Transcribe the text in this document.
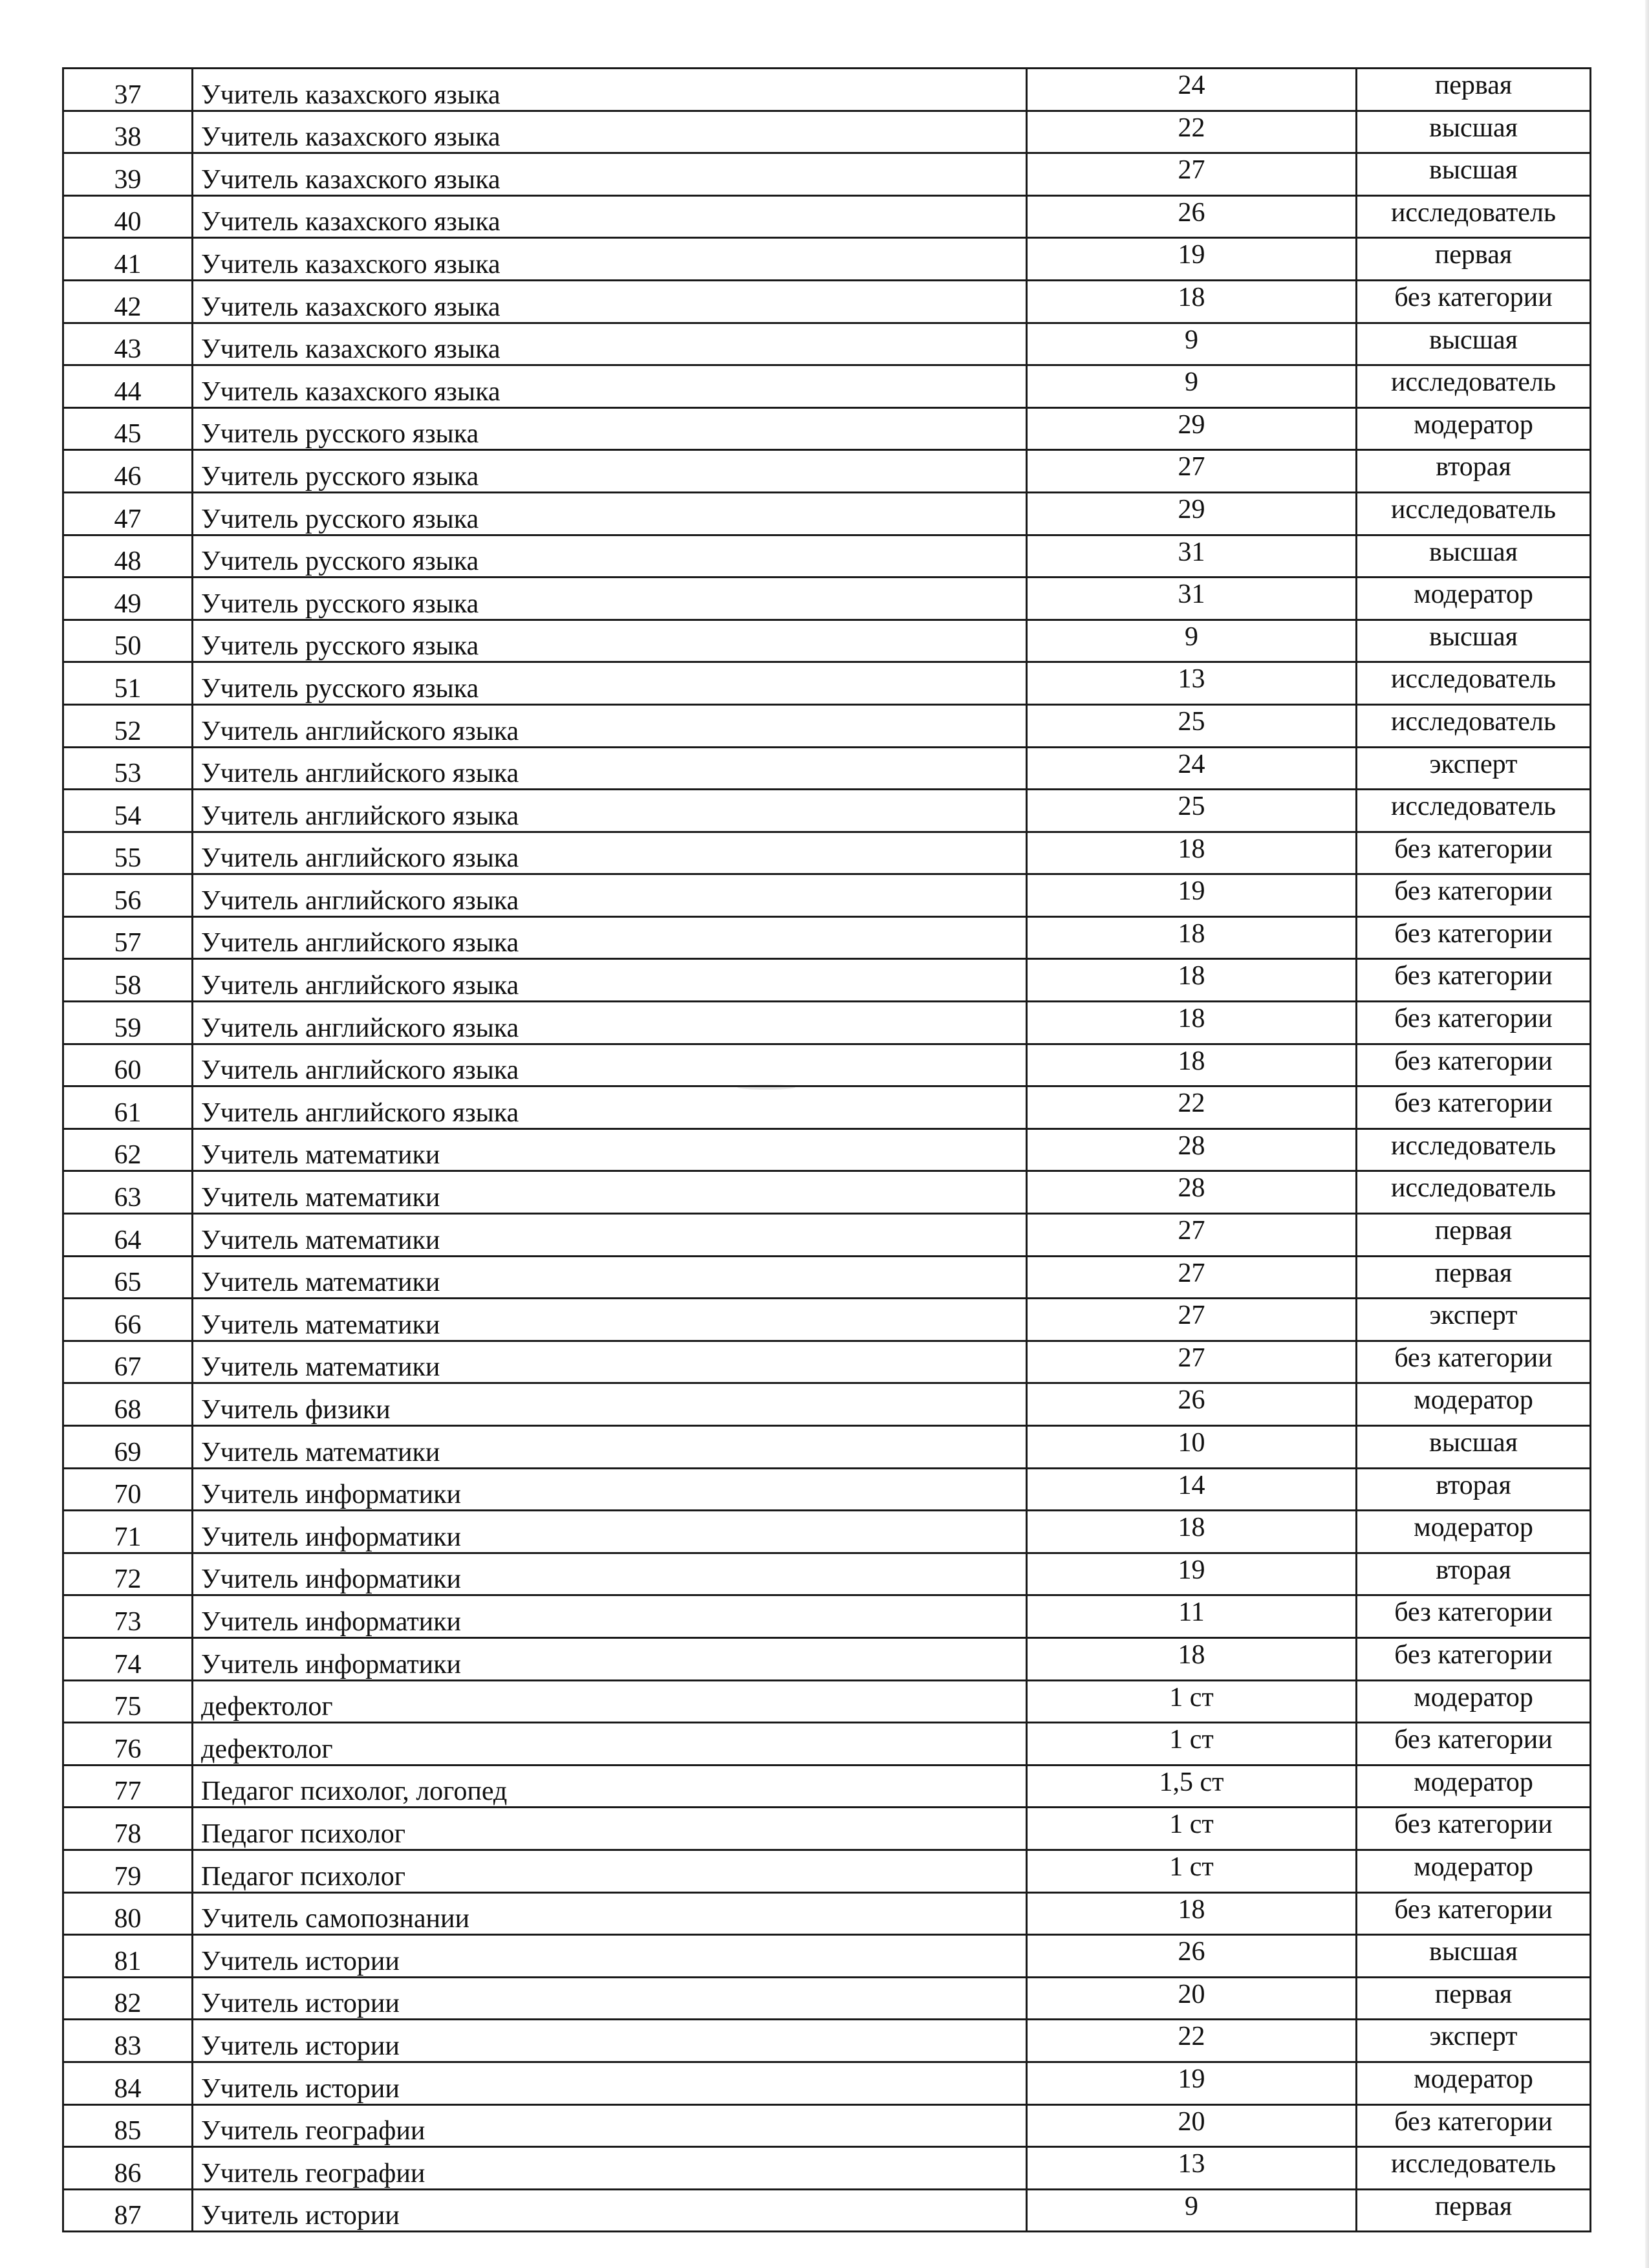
37	Учитель казахского языка	24	первая
38	Учитель казахского языка	22	высшая
39	Учитель казахского языка	27	высшая
40	Учитель казахского языка	26	исследователь
41	Учитель казахского языка	19	первая
42	Учитель казахского языка	18	без категории
43	Учитель казахского языка	9	высшая
44	Учитель казахского языка	9	исследователь
45	Учитель русского языка	29	модератор
46	Учитель русского языка	27	вторая
47	Учитель русского языка	29	исследователь
48	Учитель русского языка	31	высшая
49	Учитель русского языка	31	модератор
50	Учитель русского языка	9	высшая
51	Учитель русского языка	13	исследователь
52	Учитель английского языка	25	исследователь
53	Учитель английского языка	24	эксперт
54	Учитель английского языка	25	исследователь
55	Учитель английского языка	18	без категории
56	Учитель английского языка	19	без категории
57	Учитель английского языка	18	без категории
58	Учитель английского языка	18	без категории
59	Учитель английского языка	18	без категории
60	Учитель английского языка	18	без категории
61	Учитель английского языка	22	без категории
62	Учитель математики	28	исследователь
63	Учитель математики	28	исследователь
64	Учитель математики	27	первая
65	Учитель математики	27	первая
66	Учитель математики	27	эксперт
67	Учитель математики	27	без категории
68	Учитель физики	26	модератор
69	Учитель математики	10	высшая
70	Учитель информатики	14	вторая
71	Учитель информатики	18	модератор
72	Учитель информатики	19	вторая
73	Учитель информатики	11	без категории
74	Учитель информатики	18	без категории
75	дефектолог	1 ст	модератор
76	дефектолог	1 ст	без категории
77	Педагог психолог, логопед	1,5 ст	модератор
78	Педагог психолог	1 ст	без категории
79	Педагог психолог	1 ст	модератор
80	Учитель самопознании	18	без категории
81	Учитель истории	26	высшая
82	Учитель истории	20	первая
83	Учитель истории	22	эксперт
84	Учитель истории	19	модератор
85	Учитель географии	20	без категории
86	Учитель географии	13	исследователь
87	Учитель истории	9	первая
